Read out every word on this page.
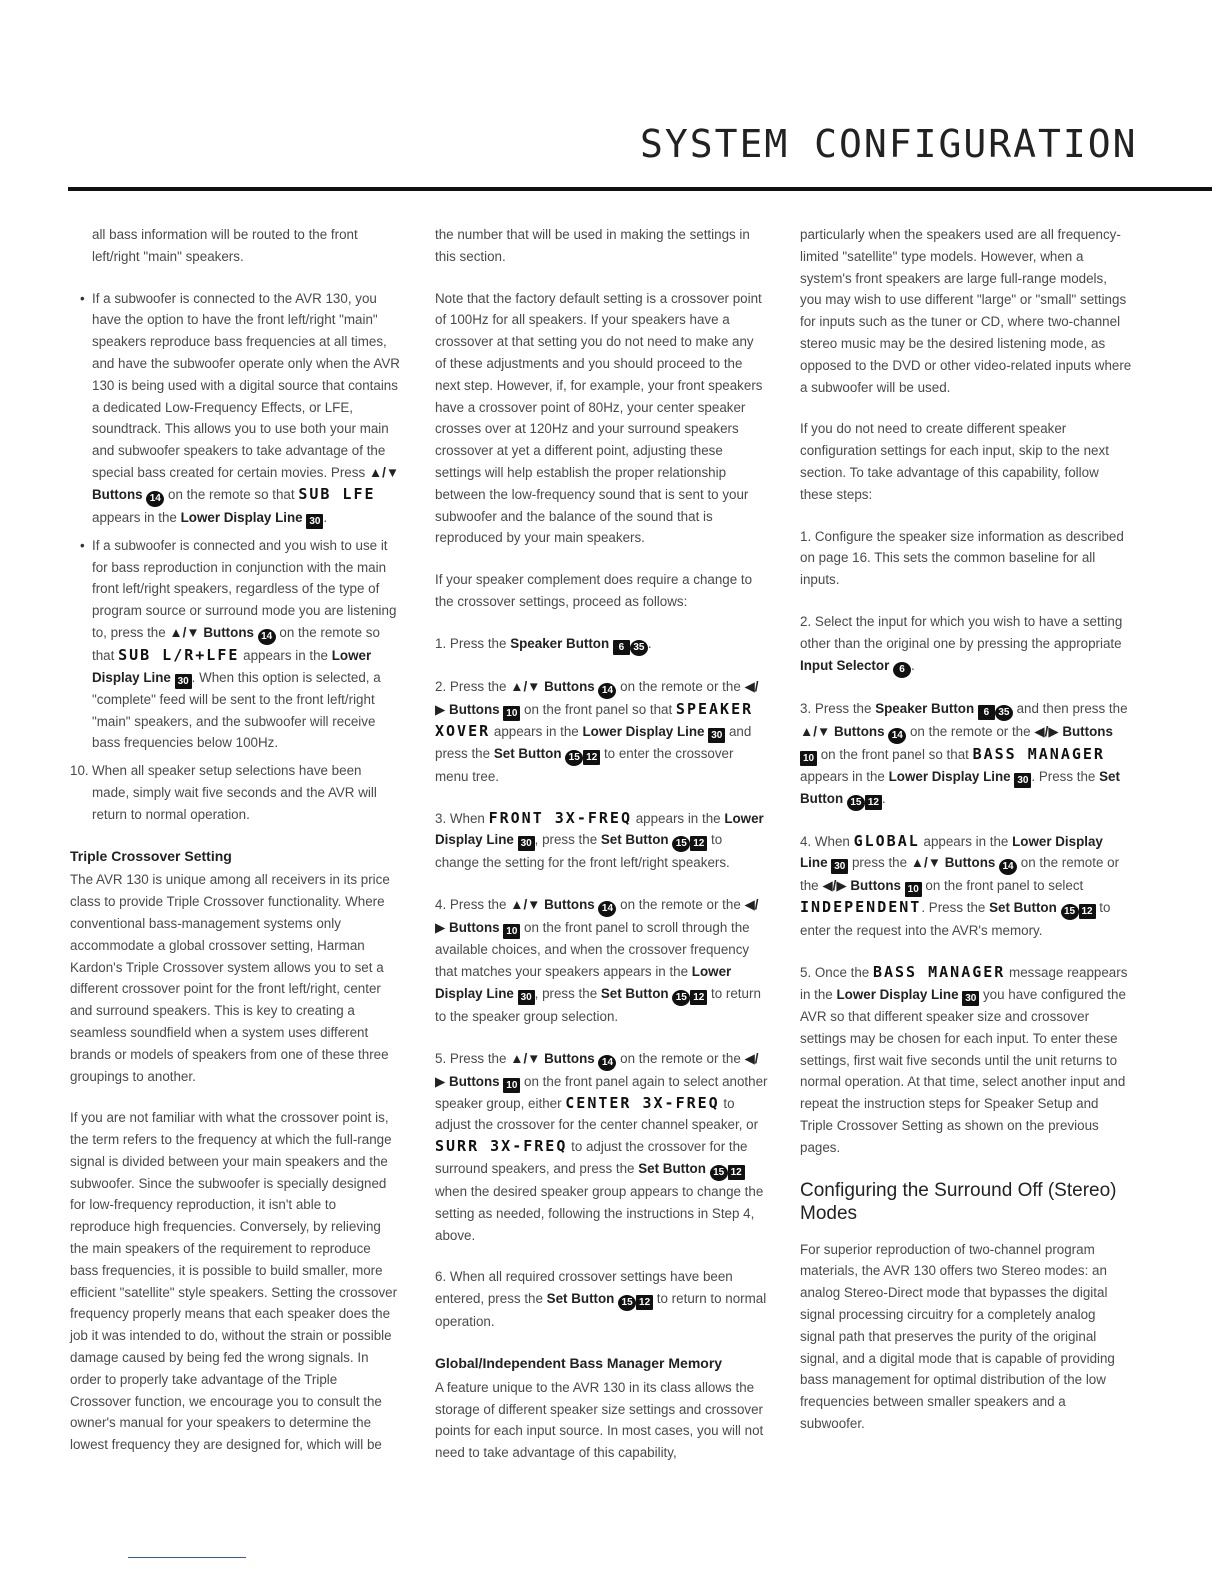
SYSTEM CONFIGURATION

all bass information will be routed to the front left/right "main" speakers.

• If a subwoofer is connected to the AVR 130, you have the option to have the front left/right "main" speakers reproduce bass frequencies at all times, and have the subwoofer operate only when the AVR 130 is being used with a digital source that contains a dedicated Low-Frequency Effects, or LFE, soundtrack. This allows you to use both your main and subwoofer speakers to take advantage of the special bass created for certain movies. Press ▲/▼ Buttons 14 on the remote so that SUB LFE appears in the Lower Display Line 30 .

• If a subwoofer is connected and you wish to use it for bass reproduction in conjunction with the main front left/right speakers, regardless of the type of program source or surround mode you are listening to, press the ▲/▼ Buttons 14 on the remote so that SUB L/R+LFE appears in the Lower Display Line 30 . When this option is selected, a "complete" feed will be sent to the front left/right "main" speakers, and the subwoofer will receive bass frequencies below 100Hz.

10. When all speaker setup selections have been made, simply wait five seconds and the AVR will return to normal operation.

Triple Crossover Setting

The AVR 130 is unique among all receivers in its price class to provide Triple Crossover functionality. Where conventional bass-management systems only accommodate a global crossover setting, Harman Kardon's Triple Crossover system allows you to set a different crossover point for the front left/right, center and surround speakers. This is key to creating a seamless soundfield when a system uses different brands or models of speakers from one of these three groupings to another.

If you are not familiar with what the crossover point is, the term refers to the frequency at which the full-range signal is divided between your main speakers and the subwoofer. Since the subwoofer is specially designed for low-frequency reproduction, it isn't able to reproduce high frequencies. Conversely, by relieving the main speakers of the requirement to reproduce bass frequencies, it is possible to build smaller, more efficient "satellite" style speakers. Setting the crossover frequency properly means that each speaker does the job it was intended to do, without the strain or possible damage caused by being fed the wrong signals. In order to properly take advantage of the Triple Crossover function, we encourage you to consult the owner's manual for your speakers to determine the lowest frequency they are designed for, which will be

the number that will be used in making the settings in this section.

Note that the factory default setting is a crossover point of 100Hz for all speakers. If your speakers have a crossover at that setting you do not need to make any of these adjustments and you should proceed to the next step. However, if, for example, your front speakers have a crossover point of 80Hz, your center speaker crosses over at 120Hz and your surround speakers crossover at yet a different point, adjusting these settings will help establish the proper relationship between the low-frequency sound that is sent to your subwoofer and the balance of the sound that is reproduced by your main speakers.

If your speaker complement does require a change to the crossover settings, proceed as follows:

1. Press the Speaker Button 6 35 .

2. Press the ▲/▼ Buttons 14 on the remote or the ◀/▶ Buttons 10 on the front panel so that SPEAKER XOVER appears in the Lower Display Line 30 and press the Set Button 15 12 to enter the crossover menu tree.

3. When FRONT 3X-FREQ appears in the Lower Display Line 30 , press the Set Button 15 12 to change the setting for the front left/right speakers.

4. Press the ▲/▼ Buttons 14 on the remote or the ◀/▶ Buttons 10 on the front panel to scroll through the available choices, and when the crossover frequency that matches your speakers appears in the Lower Display Line 30 , press the Set Button 15 12 to return to the speaker group selection.

5. Press the ▲/▼ Buttons 14 on the remote or the ◀/▶ Buttons 10 on the front panel again to select another speaker group, either CENTER 3X-FREQ to adjust the crossover for the center channel speaker, or SURR 3X-FREQ to adjust the crossover for the surround speakers, and press the Set Button 15 12 when the desired speaker group appears to change the setting as needed, following the instructions in Step 4, above.

6. When all required crossover settings have been entered, press the Set Button 15 12 to return to normal operation.

Global/Independent Bass Manager Memory

A feature unique to the AVR 130 in its class allows the storage of different speaker size settings and crossover points for each input source. In most cases, you will not need to take advantage of this capability,

particularly when the speakers used are all frequency-limited "satellite" type models. However, when a system's front speakers are large full-range models, you may wish to use different "large" or "small" settings for inputs such as the tuner or CD, where two-channel stereo music may be the desired listening mode, as opposed to the DVD or other video-related inputs where a subwoofer will be used.

If you do not need to create different speaker configuration settings for each input, skip to the next section. To take advantage of this capability, follow these steps:

1. Configure the speaker size information as described on page 16. This sets the common baseline for all inputs.

2. Select the input for which you wish to have a setting other than the original one by pressing the appropriate Input Selector 6 .

3. Press the Speaker Button 6 35 and then press the ▲/▼ Buttons 14 on the remote or the ◀/▶ Buttons 10 on the front panel so that BASS MANAGER appears in the Lower Display Line 30 . Press the Set Button 15 12 .

4. When GLOBAL appears in the Lower Display Line 30 press the ▲/▼ Buttons 14 on the remote or the ◀/▶ Buttons 10 on the front panel to select INDEPENDENT. Press the Set Button 15 12 to enter the request into the AVR's memory.

5. Once the BASS MANAGER message reappears in the Lower Display Line 30 you have configured the AVR so that different speaker size and crossover settings may be chosen for each input. To enter these settings, first wait five seconds until the unit returns to normal operation. At that time, select another input and repeat the instruction steps for Speaker Setup and Triple Crossover Setting as shown on the previous pages.

Configuring the Surround Off (Stereo) Modes

For superior reproduction of two-channel program materials, the AVR 130 offers two Stereo modes: an analog Stereo-Direct mode that bypasses the digital signal processing circuitry for a completely analog signal path that preserves the purity of the original signal, and a digital mode that is capable of providing bass management for optimal distribution of the low frequencies between smaller speakers and a subwoofer.
